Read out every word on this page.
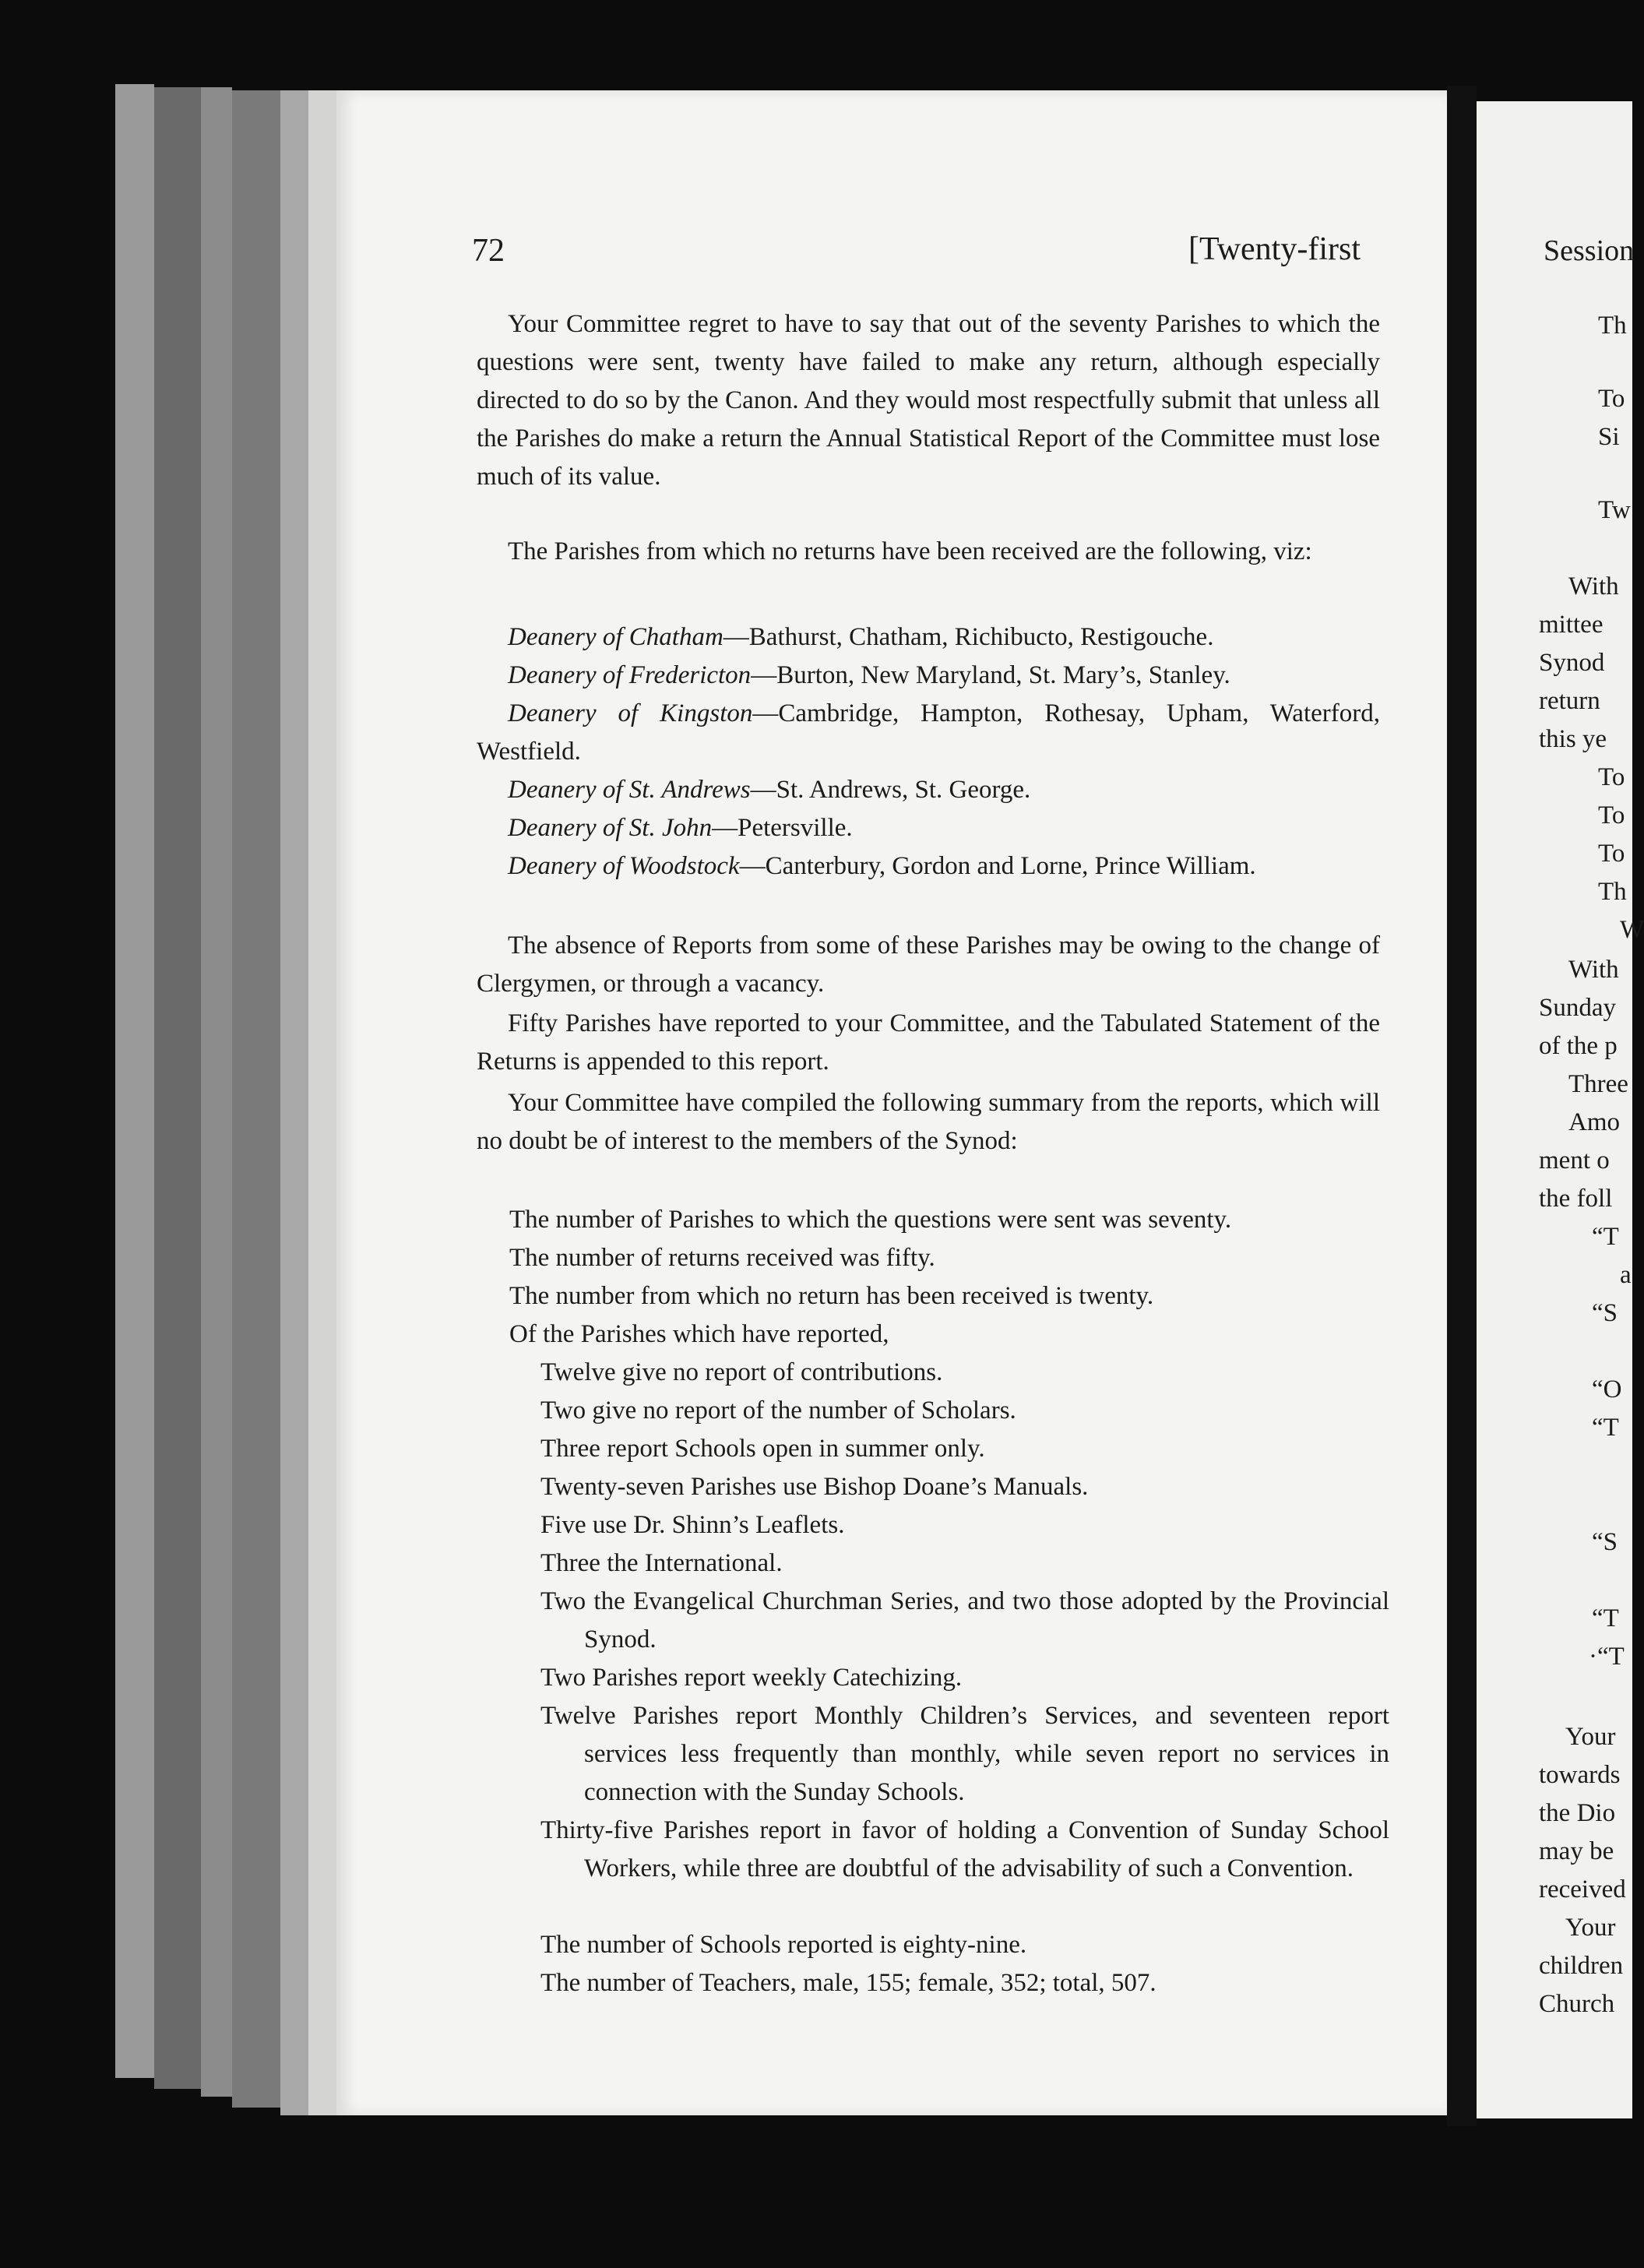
72	[Twenty-first
Your Committee regret to have to say that out of the seventy Parishes to which the questions were sent, twenty have failed to make any return, although especially directed to do so by the Canon. And they would most respectfully submit that unless all the Parishes do make a return the Annual Statistical Report of the Committee must lose much of its value.
The Parishes from which no returns have been received are the following, viz:
Deanery of Chatham—Bathurst, Chatham, Richibucto, Restigouche.
Deanery of Fredericton—Burton, New Maryland, St. Mary’s, Stanley.
Deanery of Kingston—Cambridge, Hampton, Rothesay, Upham, Waterford, Westfield.
Deanery of St. Andrews—St. Andrews, St. George.
Deanery of St. John—Petersville.
Deanery of Woodstock—Canterbury, Gordon and Lorne, Prince William.
The absence of Reports from some of these Parishes may be owing to the change of Clergymen, or through a vacancy.
Fifty Parishes have reported to your Committee, and the Tabulated Statement of the Returns is appended to this report.
Your Committee have compiled the following summary from the reports, which will no doubt be of interest to the members of the Synod:
The number of Parishes to which the questions were sent was seventy.
The number of returns received was fifty.
The number from which no return has been received is twenty.
Of the Parishes which have reported,
Twelve give no report of contributions.
Two give no report of the number of Scholars.
Three report Schools open in summer only.
Twenty-seven Parishes use Bishop Doane’s Manuals.
Five use Dr. Shinn’s Leaflets.
Three the International.
Two the Evangelical Churchman Series, and two those adopted by the Provincial Synod.
Two Parishes report weekly Catechizing.
Twelve Parishes report Monthly Children’s Services, and seventeen report services less frequently than monthly, while seven report no services in connection with the Sunday Schools.
Thirty-five Parishes report in favor of holding a Convention of Sunday School Workers, while three are doubtful of the advisability of such a Convention.
The number of Schools reported is eighty-nine.
The number of Teachers, male, 155; female, 352; total, 507.
Session
Th
To
Si
Tw
With
mittee
Synod
return
this ye
To
To
To
Th
W
With
Sunday
of the p
Three
Amo
ment o
the foll
“T
a
“S
“O
“T
“S
“T
·“T
Your
towards
the Dio
may be
received
Your
children
Church
